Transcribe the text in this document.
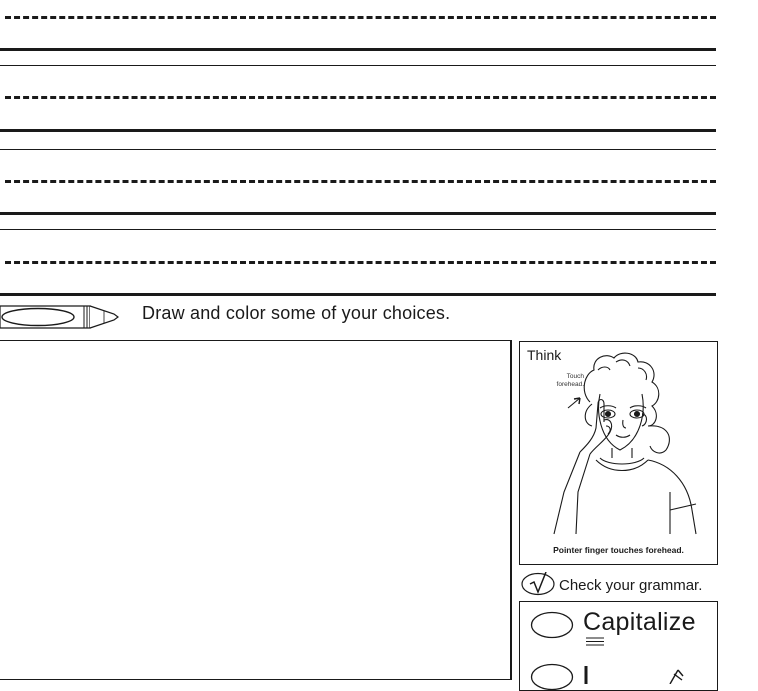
Draw and color some of your choices.
Think
Touch forehead.
Pointer finger touches forehead.
Check your grammar.
Capitalize
